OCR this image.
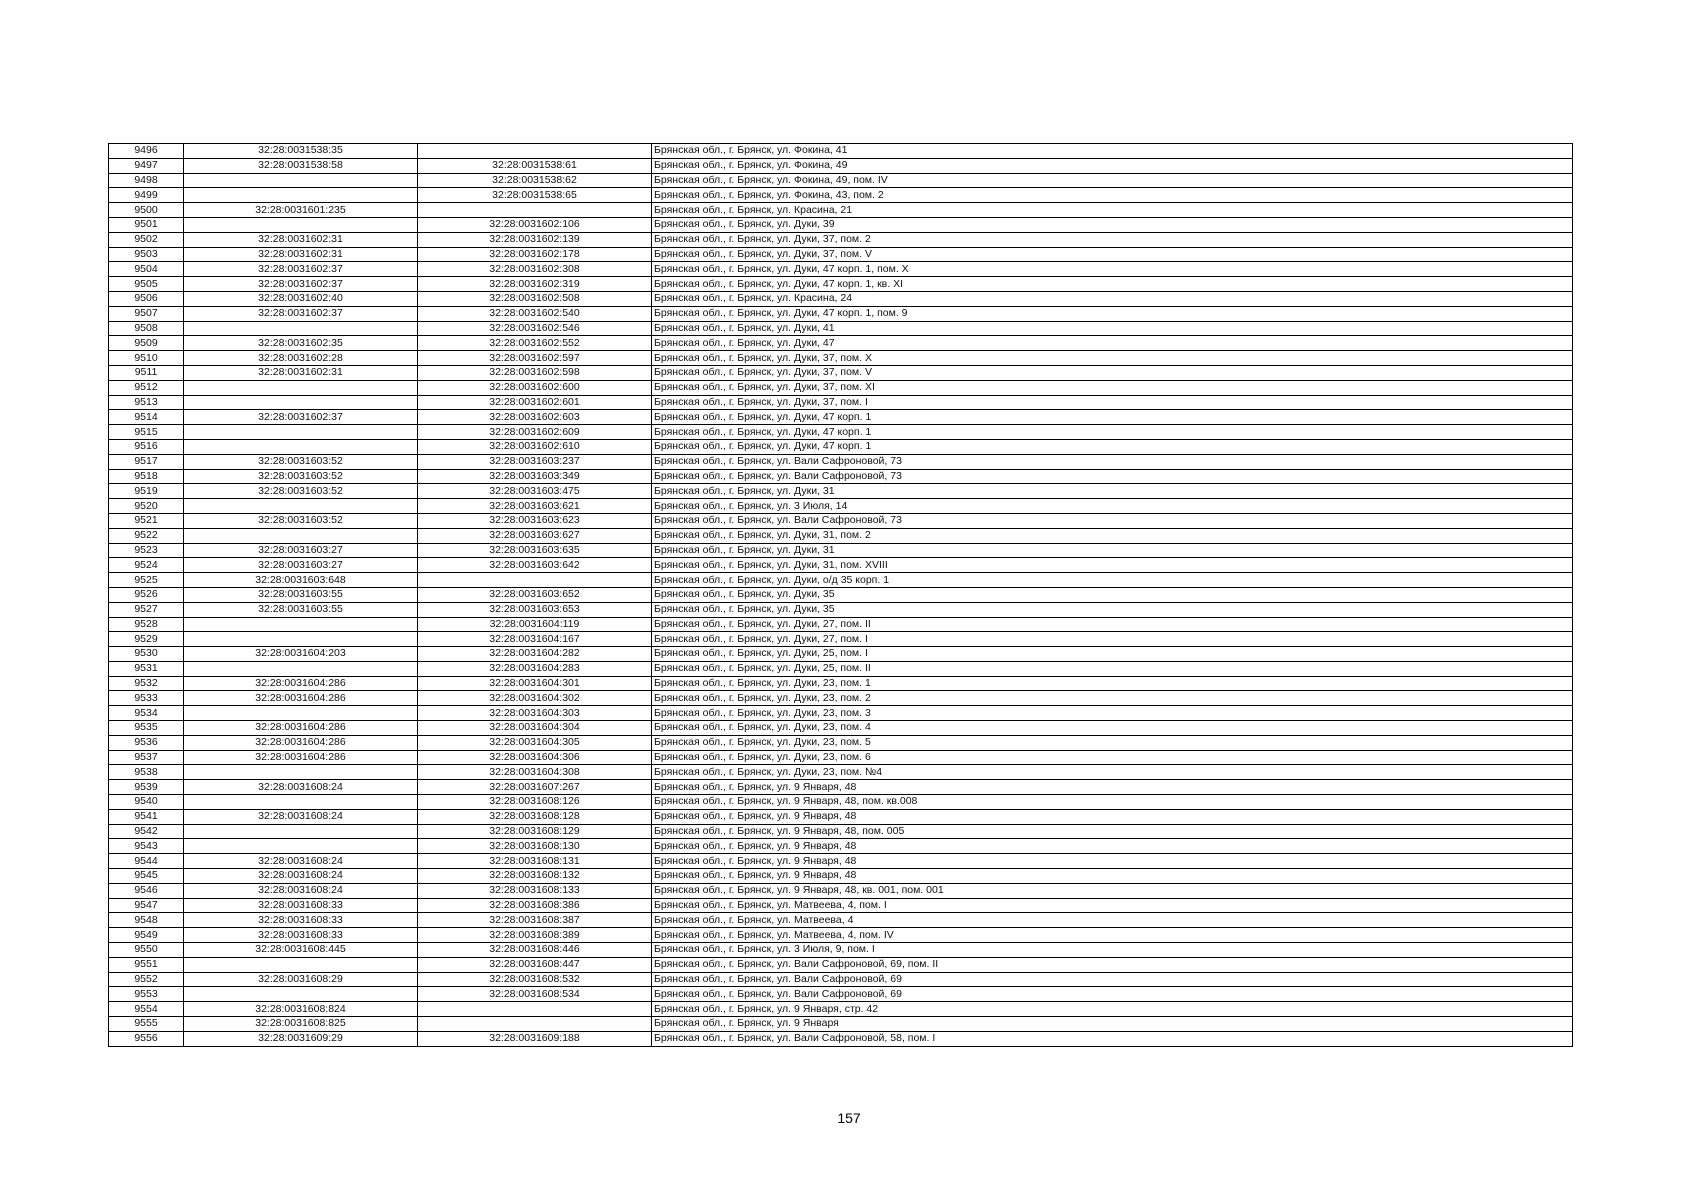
9496	32:28:0031538:35		Брянская обл., г. Брянск, ул. Фокина, 41
9497	32:28:0031538:58	32:28:0031538:61	Брянская обл., г. Брянск, ул. Фокина, 49
9498		32:28:0031538:62	Брянская обл., г. Брянск, ул. Фокина, 49, пом. IV
9499		32:28:0031538:65	Брянская обл., г. Брянск, ул. Фокина, 43, пом. 2
9500	32:28:0031601:235		Брянская обл., г. Брянск, ул. Красина, 21
9501		32:28:0031602:106	Брянская обл., г. Брянск, ул. Дуки, 39
9502	32:28:0031602:31	32:28:0031602:139	Брянская обл., г. Брянск, ул. Дуки, 37, пом. 2
9503	32:28:0031602:31	32:28:0031602:178	Брянская обл., г. Брянск, ул. Дуки, 37, пом. V
9504	32:28:0031602:37	32:28:0031602:308	Брянская обл., г. Брянск, ул. Дуки, 47 корп. 1, пом. X
9505	32:28:0031602:37	32:28:0031602:319	Брянская обл., г. Брянск, ул. Дуки, 47 корп. 1, кв. XI
9506	32:28:0031602:40	32:28:0031602:508	Брянская обл., г. Брянск, ул. Красина, 24
9507	32:28:0031602:37	32:28:0031602:540	Брянская обл., г. Брянск, ул. Дуки, 47 корп. 1, пом. 9
9508		32:28:0031602:546	Брянская обл., г. Брянск, ул. Дуки, 41
9509	32:28:0031602:35	32:28:0031602:552	Брянская обл., г. Брянск, ул. Дуки, 47
9510	32:28:0031602:28	32:28:0031602:597	Брянская обл., г. Брянск, ул. Дуки, 37, пом. X
9511	32:28:0031602:31	32:28:0031602:598	Брянская обл., г. Брянск, ул. Дуки, 37, пом. V
9512		32:28:0031602:600	Брянская обл., г. Брянск, ул. Дуки, 37, пом. XI
9513		32:28:0031602:601	Брянская обл., г. Брянск, ул. Дуки, 37, пом. I
9514	32:28:0031602:37	32:28:0031602:603	Брянская обл., г. Брянск, ул. Дуки, 47 корп. 1
9515		32:28:0031602:609	Брянская обл., г. Брянск, ул. Дуки, 47 корп. 1
9516		32:28:0031602:610	Брянская обл., г. Брянск, ул. Дуки, 47 корп. 1
9517	32:28:0031603:52	32:28:0031603:237	Брянская обл., г. Брянск, ул. Вали Сафроновой, 73
9518	32:28:0031603:52	32:28:0031603:349	Брянская обл., г. Брянск, ул. Вали Сафроновой, 73
9519	32:28:0031603:52	32:28:0031603:475	Брянская обл., г. Брянск, ул. Дуки, 31
9520		32:28:0031603:621	Брянская обл., г. Брянск, ул. 3 Июля, 14
9521	32:28:0031603:52	32:28:0031603:623	Брянская обл., г. Брянск, ул. Вали Сафроновой, 73
9522		32:28:0031603:627	Брянская обл., г. Брянск, ул. Дуки, 31, пом. 2
9523	32:28:0031603:27	32:28:0031603:635	Брянская обл., г. Брянск, ул. Дуки, 31
9524	32:28:0031603:27	32:28:0031603:642	Брянская обл., г. Брянск, ул. Дуки, 31, пом. XVIII
9525	32:28:0031603:648		Брянская обл., г. Брянск, ул. Дуки, о/д 35 корп. 1
9526	32:28:0031603:55	32:28:0031603:652	Брянская обл., г. Брянск, ул. Дуки, 35
9527	32:28:0031603:55	32:28:0031603:653	Брянская обл., г. Брянск, ул. Дуки, 35
9528		32:28:0031604:119	Брянская обл., г. Брянск, ул. Дуки, 27, пом. II
9529		32:28:0031604:167	Брянская обл., г. Брянск, ул. Дуки, 27, пом. I
9530	32:28:0031604:203	32:28:0031604:282	Брянская обл., г. Брянск, ул. Дуки, 25, пом. I
9531		32:28:0031604:283	Брянская обл., г. Брянск, ул. Дуки, 25, пом. II
9532	32:28:0031604:286	32:28:0031604:301	Брянская обл., г. Брянск, ул. Дуки, 23, пом. 1
9533	32:28:0031604:286	32:28:0031604:302	Брянская обл., г. Брянск, ул. Дуки, 23, пом. 2
9534		32:28:0031604:303	Брянская обл., г. Брянск, ул. Дуки, 23, пом. 3
9535	32:28:0031604:286	32:28:0031604:304	Брянская обл., г. Брянск, ул. Дуки, 23, пом. 4
9536	32:28:0031604:286	32:28:0031604:305	Брянская обл., г. Брянск, ул. Дуки, 23, пом. 5
9537	32:28:0031604:286	32:28:0031604:306	Брянская обл., г. Брянск, ул. Дуки, 23, пом. 6
9538		32:28:0031604:308	Брянская обл., г. Брянск, ул. Дуки, 23, пом. №4
9539	32:28:0031608:24	32:28:0031607:267	Брянская обл., г. Брянск, ул. 9 Января, 48
9540		32:28:0031608:126	Брянская обл., г. Брянск, ул. 9 Января, 48, пом. кв.008
9541	32:28:0031608:24	32:28:0031608:128	Брянская обл., г. Брянск, ул. 9 Января, 48
9542		32:28:0031608:129	Брянская обл., г. Брянск, ул. 9 Января, 48, пом. 005
9543		32:28:0031608:130	Брянская обл., г. Брянск, ул. 9 Января, 48
9544	32:28:0031608:24	32:28:0031608:131	Брянская обл., г. Брянск, ул. 9 Января, 48
9545	32:28:0031608:24	32:28:0031608:132	Брянская обл., г. Брянск, ул. 9 Января, 48
9546	32:28:0031608:24	32:28:0031608:133	Брянская обл., г. Брянск, ул. 9 Января, 48, кв. 001, пом. 001
9547	32:28:0031608:33	32:28:0031608:386	Брянская обл., г. Брянск, ул. Матвеева, 4, пом. I
9548	32:28:0031608:33	32:28:0031608:387	Брянская обл., г. Брянск, ул. Матвеева, 4
9549	32:28:0031608:33	32:28:0031608:389	Брянская обл., г. Брянск, ул. Матвеева, 4, пом. IV
9550	32:28:0031608:445	32:28:0031608:446	Брянская обл., г. Брянск, ул. 3 Июля, 9, пом. I
9551		32:28:0031608:447	Брянская обл., г. Брянск, ул. Вали Сафроновой, 69, пом. II
9552	32:28:0031608:29	32:28:0031608:532	Брянская обл., г. Брянск, ул. Вали Сафроновой, 69
9553		32:28:0031608:534	Брянская обл., г. Брянск, ул. Вали Сафроновой, 69
9554	32:28:0031608:824		Брянская обл., г. Брянск, ул. 9 Января, стр. 42
9555	32:28:0031608:825		Брянская обл., г. Брянск, ул. 9 Января
9556	32:28:0031609:29	32:28:0031609:188	Брянская обл., г. Брянск, ул. Вали Сафроновой, 58, пом. I
157
